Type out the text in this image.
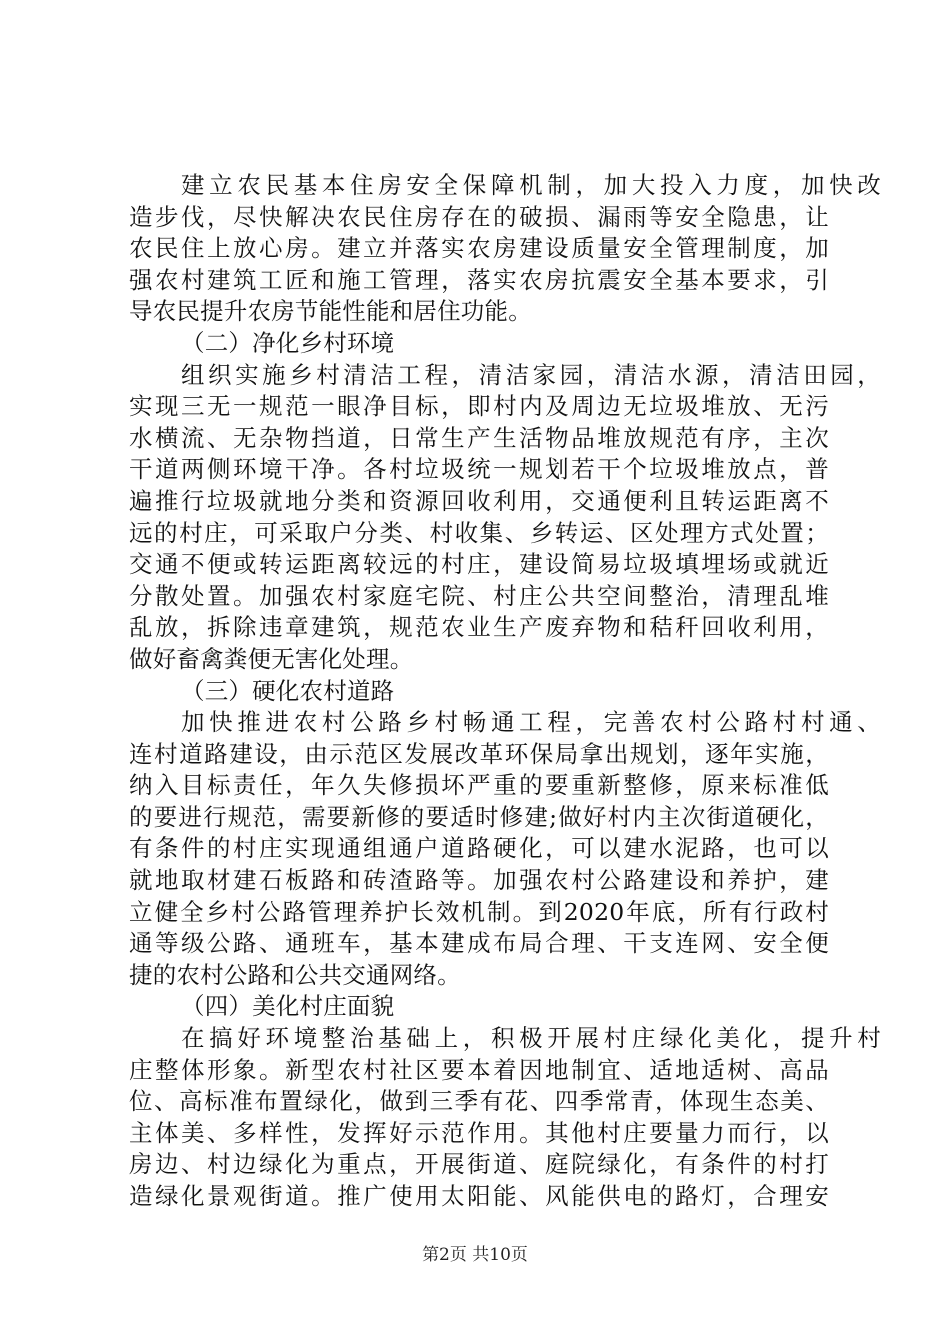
建立农民基本住房安全保障机制，加大投入力度，加快改
造步伐，尽快解决农民住房存在的破损、漏雨等安全隐患，让
农民住上放心房。建立并落实农房建设质量安全管理制度，加
强农村建筑工匠和施工管理，落实农房抗震安全基本要求，引
导农民提升农房节能性能和居住功能。
（二）净化乡村环境
组织实施乡村清洁工程，清洁家园，清洁水源，清洁田园，
实现三无一规范一眼净目标，即村内及周边无垃圾堆放、无污
水横流、无杂物挡道，日常生产生活物品堆放规范有序，主次
干道两侧环境干净。各村垃圾统一规划若干个垃圾堆放点，普
遍推行垃圾就地分类和资源回收利用，交通便利且转运距离不
远的村庄，可采取户分类、村收集、乡转运、区处理方式处置；
交通不便或转运距离较远的村庄，建设简易垃圾填埋场或就近
分散处置。加强农村家庭宅院、村庄公共空间整治，清理乱堆
乱放，拆除违章建筑，规范农业生产废弃物和秸秆回收利用，
做好畜禽粪便无害化处理。
（三）硬化农村道路
加快推进农村公路乡村畅通工程，完善农村公路村村通、
连村道路建设，由示范区发展改革环保局拿出规划，逐年实施，
纳入目标责任，年久失修损坏严重的要重新整修，原来标准低
的要进行规范，需要新修的要适时修建;做好村内主次街道硬化，
有条件的村庄实现通组通户道路硬化，可以建水泥路，也可以
就地取材建石板路和砖渣路等。加强农村公路建设和养护，建
立健全乡村公路管理养护长效机制。到2020年底，所有行政村
通等级公路、通班车，基本建成布局合理、干支连网、安全便
捷的农村公路和公共交通网络。
（四）美化村庄面貌
在搞好环境整治基础上，积极开展村庄绿化美化，提升村
庄整体形象。新型农村社区要本着因地制宜、适地适树、高品
位、高标准布置绿化，做到三季有花、四季常青，体现生态美、
主体美、多样性，发挥好示范作用。其他村庄要量力而行，以
房边、村边绿化为重点，开展街道、庭院绿化，有条件的村打
造绿化景观街道。推广使用太阳能、风能供电的路灯，合理安
第2页 共10页
